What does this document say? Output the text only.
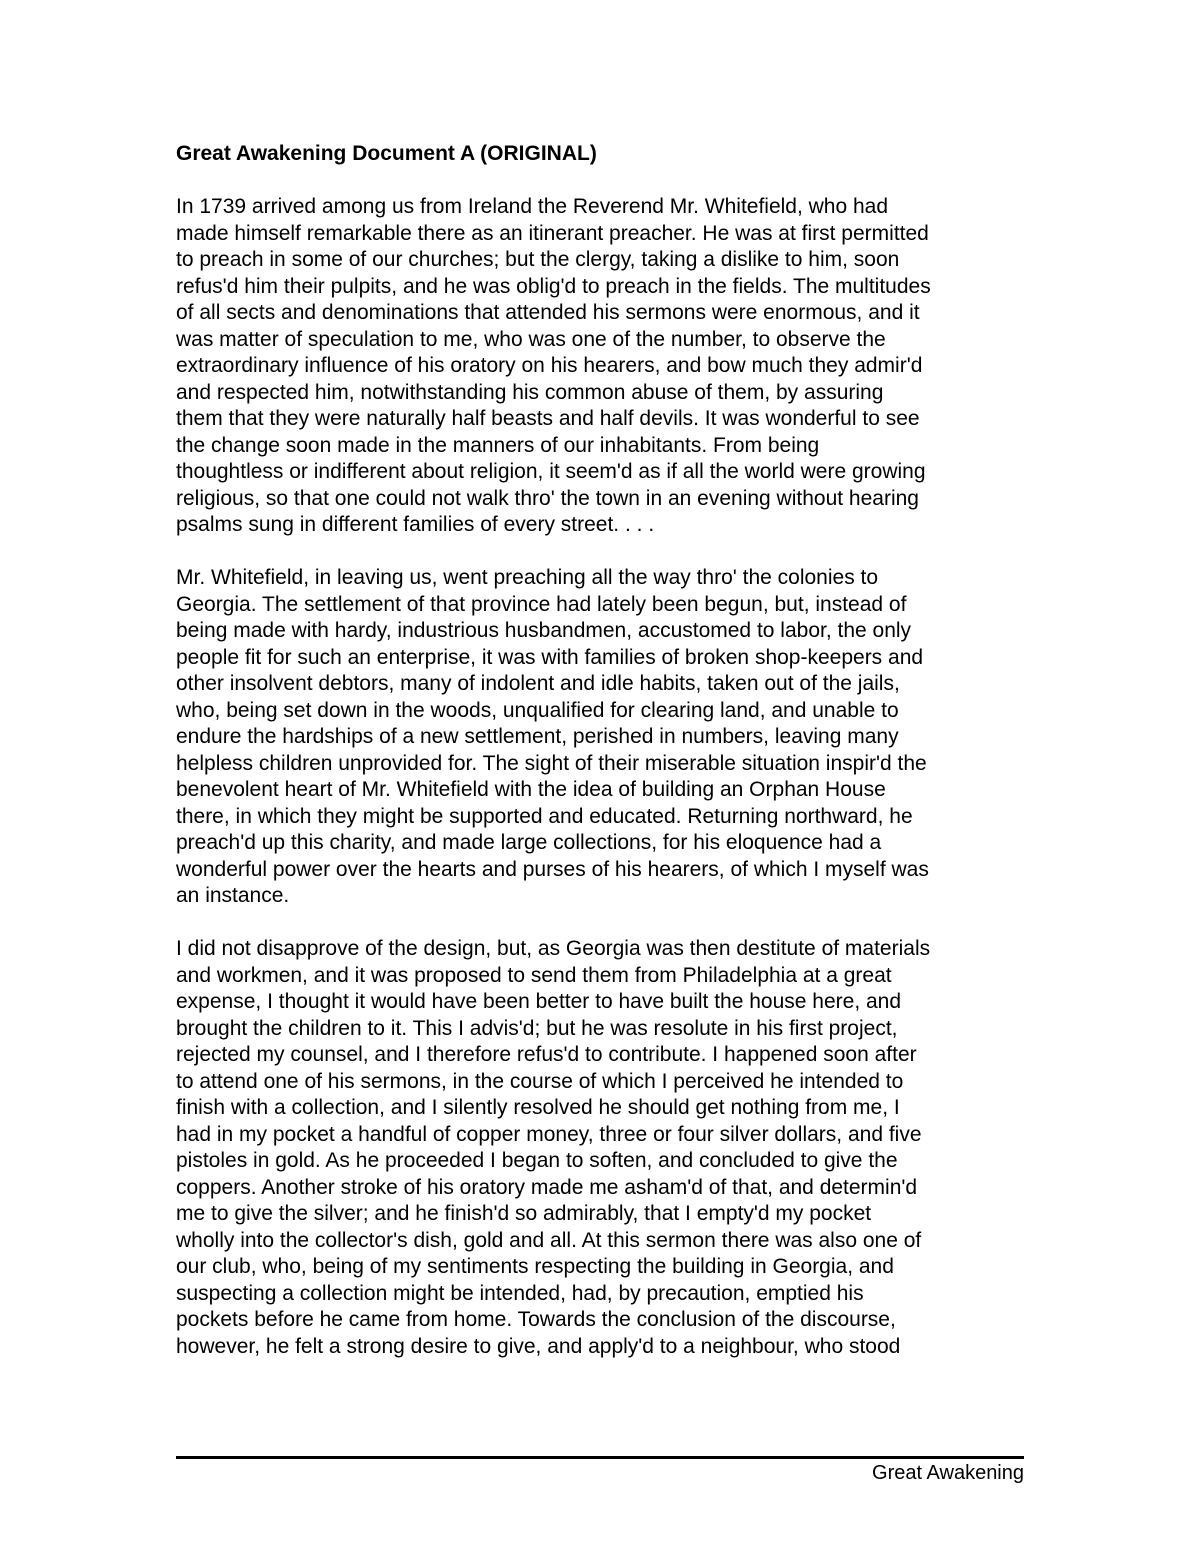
Great Awakening Document A (ORIGINAL)
In 1739 arrived among us from Ireland the Reverend Mr. Whitefield, who had
made himself remarkable there as an itinerant preacher. He was at first permitted
to preach in some of our churches; but the clergy, taking a dislike to him, soon
refus'd him their pulpits, and he was oblig'd to preach in the fields. The multitudes
of all sects and denominations that attended his sermons were enormous, and it
was matter of speculation to me, who was one of the number, to observe the
extraordinary influence of his oratory on his hearers, and bow much they admir'd
and respected him, notwithstanding his common abuse of them, by assuring
them that they were naturally half beasts and half devils. It was wonderful to see
the change soon made in the manners of our inhabitants. From being
thoughtless or indifferent about religion, it seem'd as if all the world were growing
religious, so that one could not walk thro' the town in an evening without hearing
psalms sung in different families of every street. . . .
Mr. Whitefield, in leaving us, went preaching all the way thro' the colonies to
Georgia. The settlement of that province had lately been begun, but, instead of
being made with hardy, industrious husbandmen, accustomed to labor, the only
people fit for such an enterprise, it was with families of broken shop-keepers and
other insolvent debtors, many of indolent and idle habits, taken out of the jails,
who, being set down in the woods, unqualified for clearing land, and unable to
endure the hardships of a new settlement, perished in numbers, leaving many
helpless children unprovided for. The sight of their miserable situation inspir'd the
benevolent heart of Mr. Whitefield with the idea of building an Orphan House
there, in which they might be supported and educated. Returning northward, he
preach'd up this charity, and made large collections, for his eloquence had a
wonderful power over the hearts and purses of his hearers, of which I myself was
an instance.
I did not disapprove of the design, but, as Georgia was then destitute of materials
and workmen, and it was proposed to send them from Philadelphia at a great
expense, I thought it would have been better to have built the house here, and
brought the children to it. This I advis'd; but he was resolute in his first project,
rejected my counsel, and I therefore refus'd to contribute. I happened soon after
to attend one of his sermons, in the course of which I perceived he intended to
finish with a collection, and I silently resolved he should get nothing from me, I
had in my pocket a handful of copper money, three or four silver dollars, and five
pistoles in gold. As he proceeded I began to soften, and concluded to give the
coppers. Another stroke of his oratory made me asham'd of that, and determin'd
me to give the silver; and he finish'd so admirably, that I empty'd my pocket
wholly into the collector's dish, gold and all. At this sermon there was also one of
our club, who, being of my sentiments respecting the building in Georgia, and
suspecting a collection might be intended, had, by precaution, emptied his
pockets before he came from home. Towards the conclusion of the discourse,
however, he felt a strong desire to give, and apply'd to a neighbour, who stood
Great Awakening
